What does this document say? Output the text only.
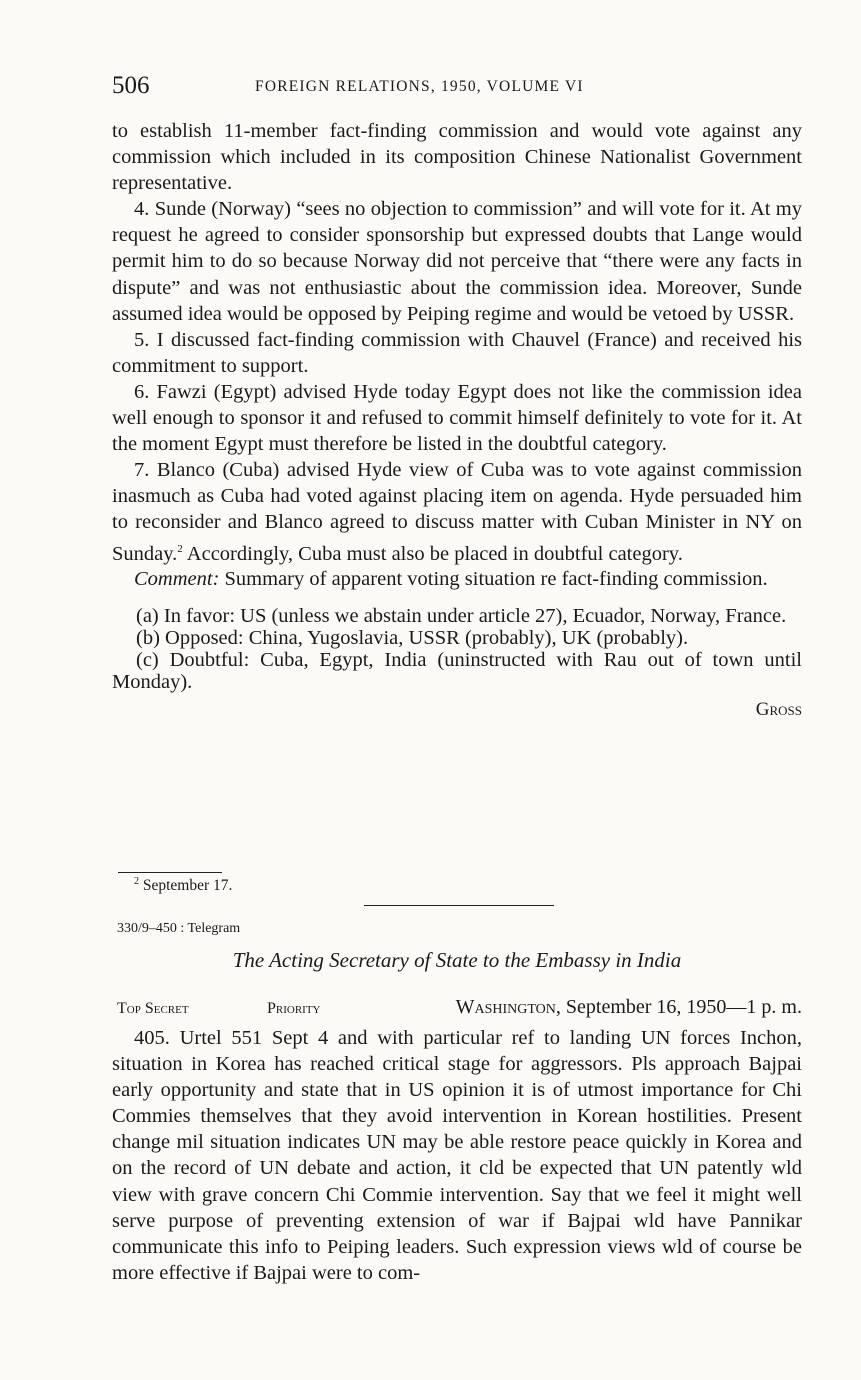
506	FOREIGN RELATIONS, 1950, VOLUME VI

to establish 11-member fact-finding commission and would vote against any commission which included in its composition Chinese Nationalist Government representative.

4. Sunde (Norway) “sees no objection to commission” and will vote for it. At my request he agreed to consider sponsorship but expressed doubts that Lange would permit him to do so because Norway did not perceive that “there were any facts in dispute” and was not enthusiastic about the commission idea. Moreover, Sunde assumed idea would be opposed by Peiping regime and would be vetoed by USSR.

5. I discussed fact-finding commission with Chauvel (France) and received his commitment to support.

6. Fawzi (Egypt) advised Hyde today Egypt does not like the commission idea well enough to sponsor it and refused to commit himself definitely to vote for it. At the moment Egypt must therefore be listed in the doubtful category.

7. Blanco (Cuba) advised Hyde view of Cuba was to vote against commission inasmuch as Cuba had voted against placing item on agenda. Hyde persuaded him to reconsider and Blanco agreed to discuss matter with Cuban Minister in NY on Sunday.$^2$ Accordingly, Cuba must also be placed in doubtful category.

Comment: Summary of apparent voting situation re fact-finding commission.

(a) In favor: US (unless we abstain under article 27), Ecuador, Norway, France.

(b) Opposed: China, Yugoslavia, USSR (probably), UK (probably).

(c) Doubtful: Cuba, Egypt, India (uninstructed with Rau out of town until Monday).

Gross
$^2$ September 17.
330/9–450 : Telegram
The Acting Secretary of State to the Embassy in India
Top Secret	Priority	Washington, September 16, 1950—1 p. m.

405. Urtel 551 Sept 4 and with particular ref to landing UN forces Inchon, situation in Korea has reached critical stage for aggressors. Pls approach Bajpai early opportunity and state that in US opinion it is of utmost importance for Chi Commies themselves that they avoid intervention in Korean hostilities. Present change mil situation indicates UN may be able restore peace quickly in Korea and on the record of UN debate and action, it cld be expected that UN patently wld view with grave concern Chi Commie intervention. Say that we feel it might well serve purpose of preventing extension of war if Bajpai wld have Pannikar communicate this info to Peiping leaders. Such expression views wld of course be more effective if Bajpai were to com-
